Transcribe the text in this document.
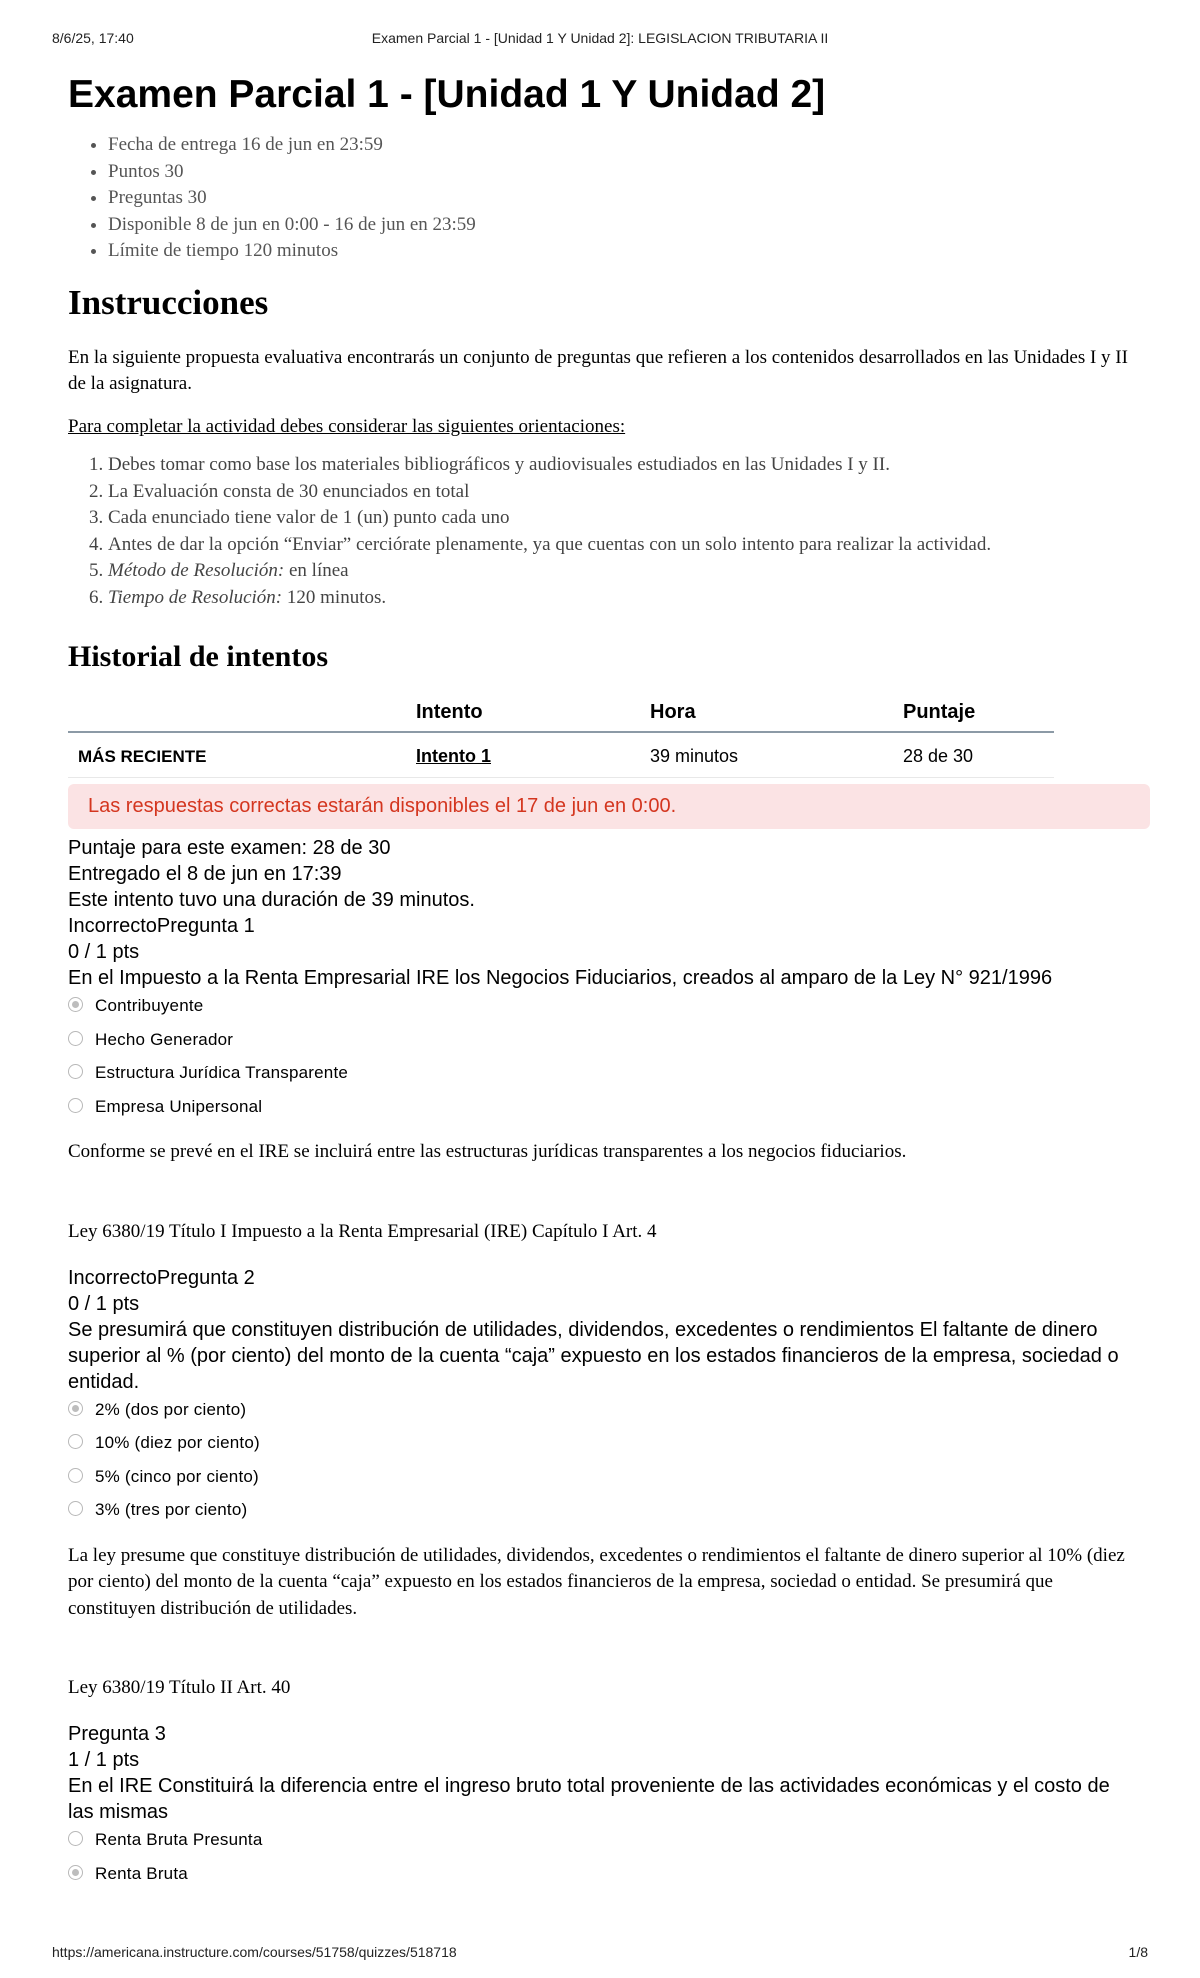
8/6/25, 17:40	Examen Parcial 1 - [Unidad 1 Y Unidad 2]: LEGISLACION TRIBUTARIA II
Examen Parcial 1 - [Unidad 1 Y Unidad 2]
• Fecha de entrega 16 de jun en 23:59
• Puntos 30
• Preguntas 30
• Disponible 8 de jun en 0:00 - 16 de jun en 23:59
• Límite de tiempo 120 minutos
Instrucciones

En la siguiente propuesta evaluativa encontrarás un conjunto de preguntas que refieren a los contenidos desarrollados en las Unidades I y II de la asignatura.

Para completar la actividad debes considerar las siguientes orientaciones:

1. Debes tomar como base los materiales bibliográficos y audiovisuales estudiados en las Unidades I y II.
2. La Evaluación consta de 30 enunciados en total
3. Cada enunciado tiene valor de 1 (un) punto cada uno
4. Antes de dar la opción “Enviar” cerciórate plenamente, ya que cuentas con un solo intento para realizar la actividad.
5. Método de Resolución: en línea
6. Tiempo de Resolución: 120 minutos.
Historial de intentos
	Intento	Hora	Puntaje
MÁS RECIENTE	Intento 1	39 minutos	28 de 30
Las respuestas correctas estarán disponibles el 17 de jun en 0:00.
Puntaje para este examen: 28 de 30
Entregado el 8 de jun en 17:39
Este intento tuvo una duración de 39 minutos.
IncorrectoPregunta 1
0 / 1 pts
En el Impuesto a la Renta Empresarial IRE los Negocios Fiduciarios, creados al amparo de la Ley N° 921/1996
Contribuyente
Hecho Generador
Estructura Jurídica Transparente
Empresa Unipersonal

Conforme se prevé en el IRE se incluirá entre las estructuras jurídicas transparentes a los negocios fiduciarios.

Ley 6380/19 Título I Impuesto a la Renta Empresarial (IRE) Capítulo I Art. 4

IncorrectoPregunta 2
0 / 1 pts
Se presumirá que constituyen distribución de utilidades, dividendos, excedentes o rendimientos El faltante de dinero superior al % (por ciento) del monto de la cuenta “caja” expuesto en los estados financieros de la empresa, sociedad o entidad.
2% (dos por ciento)
10% (diez por ciento)
5% (cinco por ciento)
3% (tres por ciento)

La ley presume que constituye distribución de utilidades, dividendos, excedentes o rendimientos el faltante de dinero superior al 10% (diez por ciento) del monto de la cuenta “caja” expuesto en los estados financieros de la empresa, sociedad o entidad. Se presumirá que constituyen distribución de utilidades.

Ley 6380/19 Título II Art. 40

Pregunta 3
1 / 1 pts
En el IRE Constituirá la diferencia entre el ingreso bruto total proveniente de las actividades económicas y el costo de las mismas
Renta Bruta Presunta
Renta Bruta
https://americana.instructure.com/courses/51758/quizzes/518718	1/8
